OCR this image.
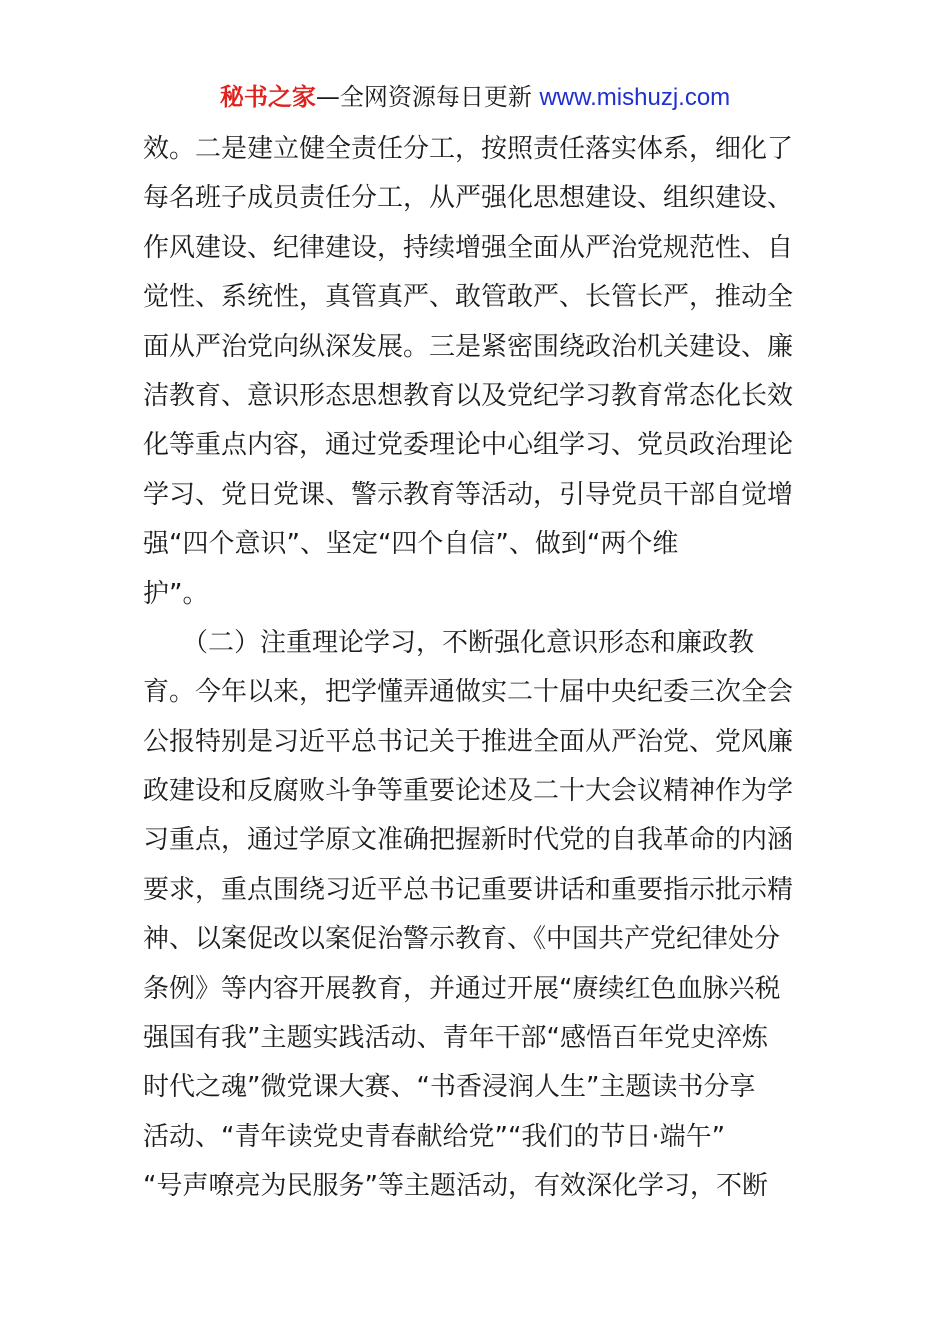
秘书之家—全网资源每日更新 www.mishuzj.com
效。二是建立健全责任分工，按照责任落实体系，细化了
每名班子成员责任分工，从严强化思想建设、组织建设、
作风建设、纪律建设，持续增强全面从严治党规范性、自
觉性、系统性，真管真严、敢管敢严、长管长严，推动全
面从严治党向纵深发展。三是紧密围绕政治机关建设、廉
洁教育、意识形态思想教育以及党纪学习教育常态化长效
化等重点内容，通过党委理论中心组学习、党员政治理论
学习、党日党课、警示教育等活动，引导党员干部自觉增
强“四个意识”、坚定“四个自信”、做到“两个维
护”。
　　（二）注重理论学习，不断强化意识形态和廉政教
育。今年以来，把学懂弄通做实二十届中央纪委三次全会
公报特别是习近平总书记关于推进全面从严治党、党风廉
政建设和反腐败斗争等重要论述及二十大会议精神作为学
习重点，通过学原文准确把握新时代党的自我革命的内涵
要求，重点围绕习近平总书记重要讲话和重要指示批示精
神、以案促改以案促治警示教育、《中国共产党纪律处分
条例》等内容开展教育，并通过开展“赓续红色血脉兴税
强国有我”主题实践活动、青年干部“感悟百年党史淬炼
时代之魂”微党课大赛、“书香浸润人生”主题读书分享
活动、“青年读党史青春献给党”“我们的节日·端午”
“号声嘹亮为民服务”等主题活动，有效深化学习，不断
